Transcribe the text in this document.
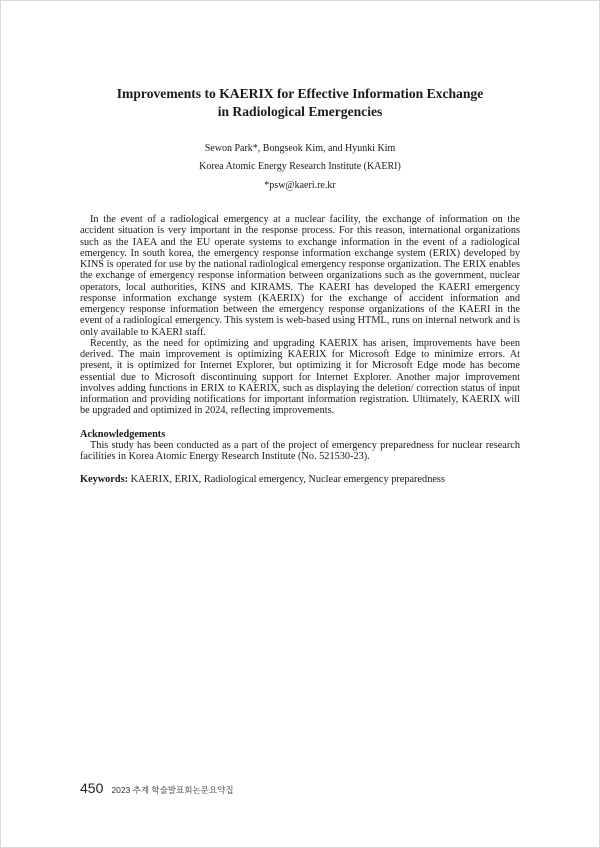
Improvements to KAERIX for Effective Information Exchange
in Radiological Emergencies

Sewon Park*, Bongseok Kim, and Hyunki Kim

Korea Atomic Energy Research Institute (KAERI)

*psw@kaeri.re.kr

In the event of a radiological emergency at a nuclear facility, the exchange of information on the accident situation is very important in the response process. For this reason, international organizations such as the IAEA and the EU operate systems to exchange information in the event of a radiological emergency. In south korea, the emergency response information exchange system (ERIX) developed by KINS is operated for use by the national radiological emergency response organization. The ERIX enables the exchange of emergency response information between organizations such as the government, nuclear operators, local authorities, KINS and KIRAMS. The KAERI has developed the KAERI emergency response information exchange system (KAERIX) for the exchange of accident information and emergency response information between the emergency response organizations of the KAERI in the event of a radiological emergency. This system is web-based using HTML, runs on internal network and is only available to KAERI staff.

Recently, as the need for optimizing and upgrading KAERIX has arisen, improvements have been derived. The main improvement is optimizing KAERIX for Microsoft Edge to minimize errors. At present, it is optimized for Internet Explorer, but optimizing it for Microsoft Edge mode has become essential due to Microsoft discontinuing support for Internet Explorer. Another major improvement involves adding functions in ERIX to KAERIX, such as displaying the deletion/ correction status of input information and providing notifications for important information registration. Ultimately, KAERIX will be upgraded and optimized in 2024, reflecting improvements.

Acknowledgements

This study has been conducted as a part of the project of emergency preparedness for nuclear research facilities in Korea Atomic Energy Research Institute (No. 521530-23).

Keywords: KAERIX, ERIX, Radiological emergency, Nuclear emergency preparedness

450 2023 추계 학술발표회논문요약집
